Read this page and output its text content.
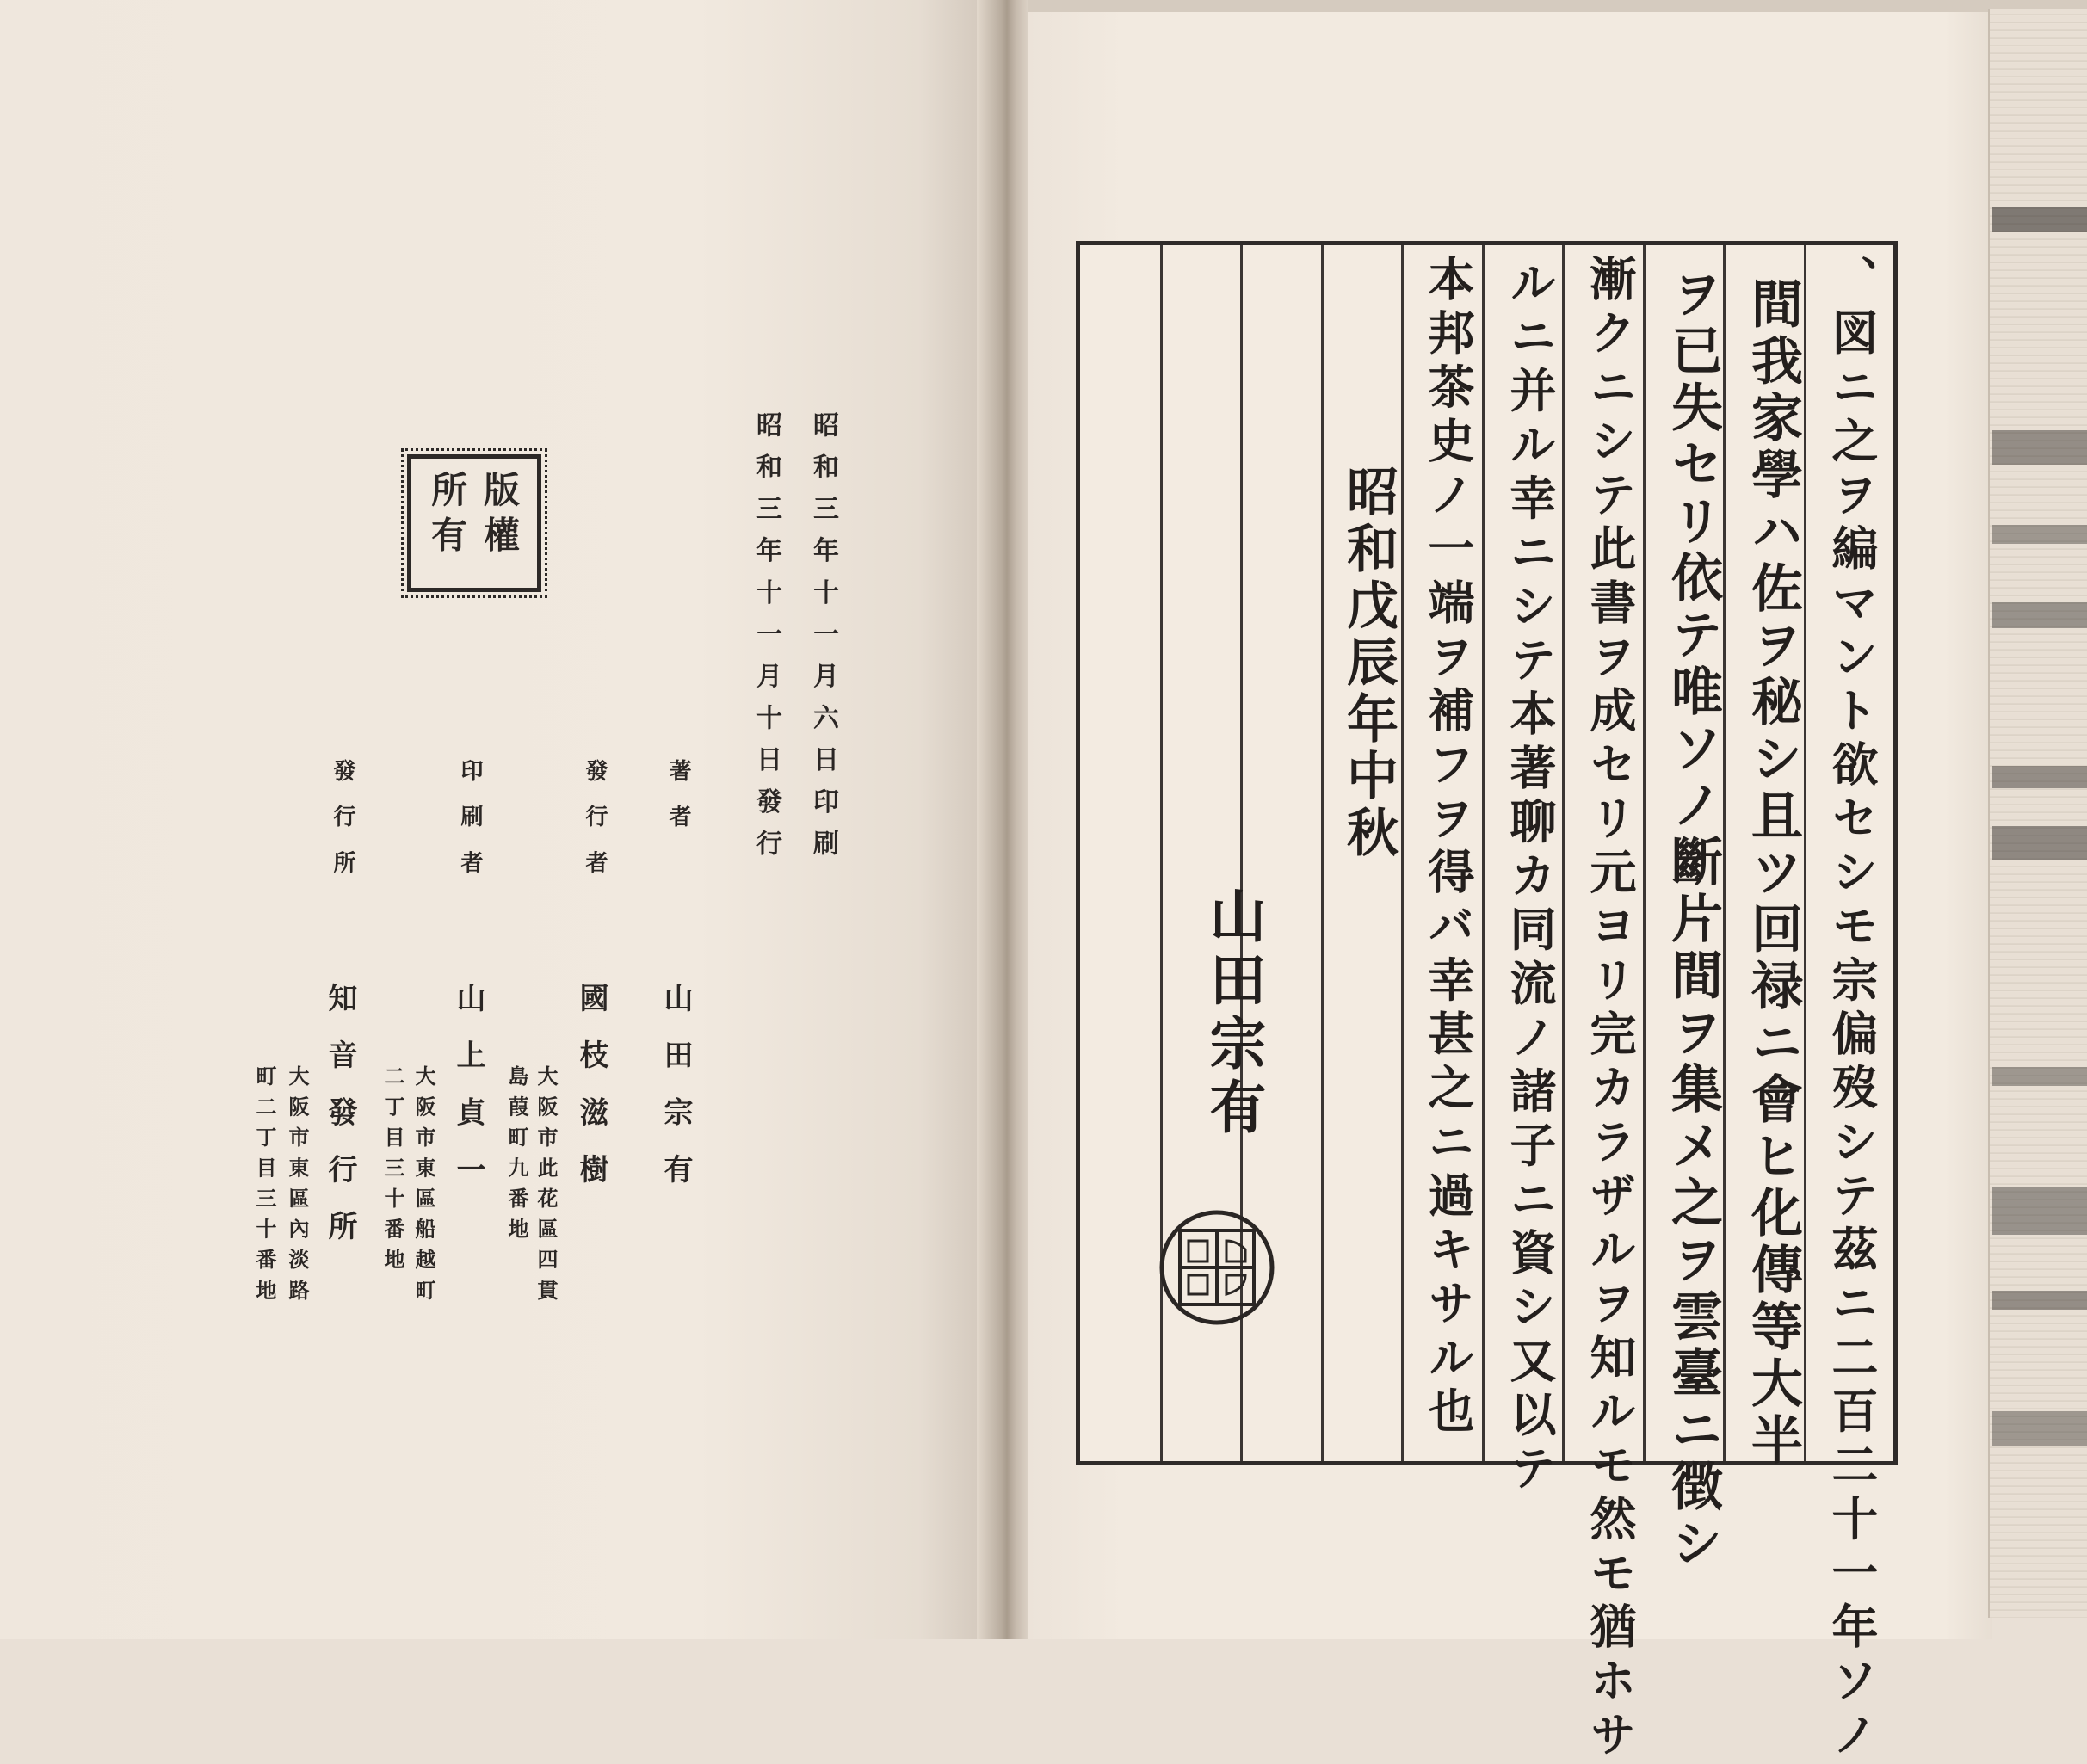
版權
所有	昭和三年十一月六日印刷
昭和三年十一月十日發行
著者
山田宗有
發行者
國枝滋樹
大阪市此花區四貫
島葭町九番地
印刷者
山上貞一
大阪市東區船越町
二丁目三十番地
發行所
知音發行所
大阪市東區內淡路
町二丁目三十番地	、図ニ之ヲ編マント欲セシモ宗偏歿シテ茲ニ二百二十一年ソノ
間我家學ハ佐ヲ秘シ且ツ回禄ニ會ヒ化傳等大半
ヲ已失セリ依テ唯ソノ斷片間ヲ集メ之ヲ雲臺ニ徴シ
漸クニシテ此書ヲ成セリ元ヨリ完カラザルヲ知ルモ然モ猶ホサ
ルニ并ル幸ニシテ本著聊カ同流ノ諸子ニ資シ又以テ
本邦茶史ノ一端ヲ補フヲ得バ幸甚之ニ過キサル也
昭和戊辰年中秋
山田宗有
